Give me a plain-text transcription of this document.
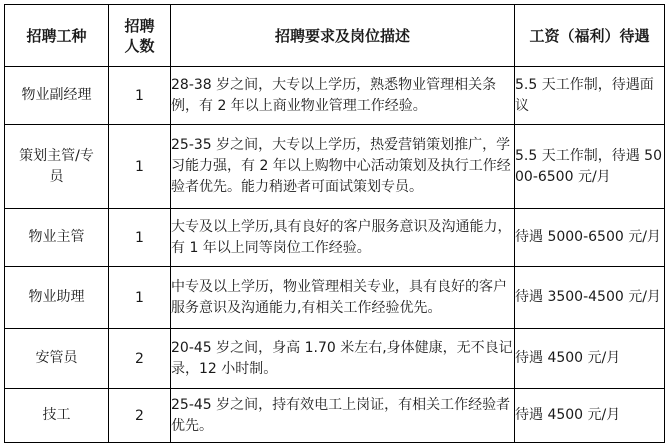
招聘工种	招聘人数	招聘要求及岗位描述	工资（福利）待遇
物业副经理	1	28-38 岁之间，大专以上学历，熟悉物业管理相关条例，有 2 年以上商业物业管理工作经验。	5.5 天工作制，待遇面议
策划主管/专员	1	25-35 岁之间，大专以上学历，热爱营销策划推广，学习能力强，有 2 年以上购物中心活动策划及执行工作经验者优先。能力稍逊者可面试策划专员。	5.5 天工作制，待遇 5000-6500 元/月
物业主管	1	大专及以上学历,具有良好的客户服务意识及沟通能力，有 1 年以上同等岗位工作经验。	待遇 5000-6500 元/月
物业助理	1	中专及以上学历，物业管理相关专业，具有良好的客户服务意识及沟通能力,有相关工作经验优先。	待遇 3500-4500 元/月
安管员	2	20-45 岁之间，身高 1.70 米左右,身体健康，无不良记录，12 小时制。	待遇 4500 元/月
技工	2	25-45 岁之间，持有效电工上岗证，有相关工作经验者优先。	待遇 4500 元/月
